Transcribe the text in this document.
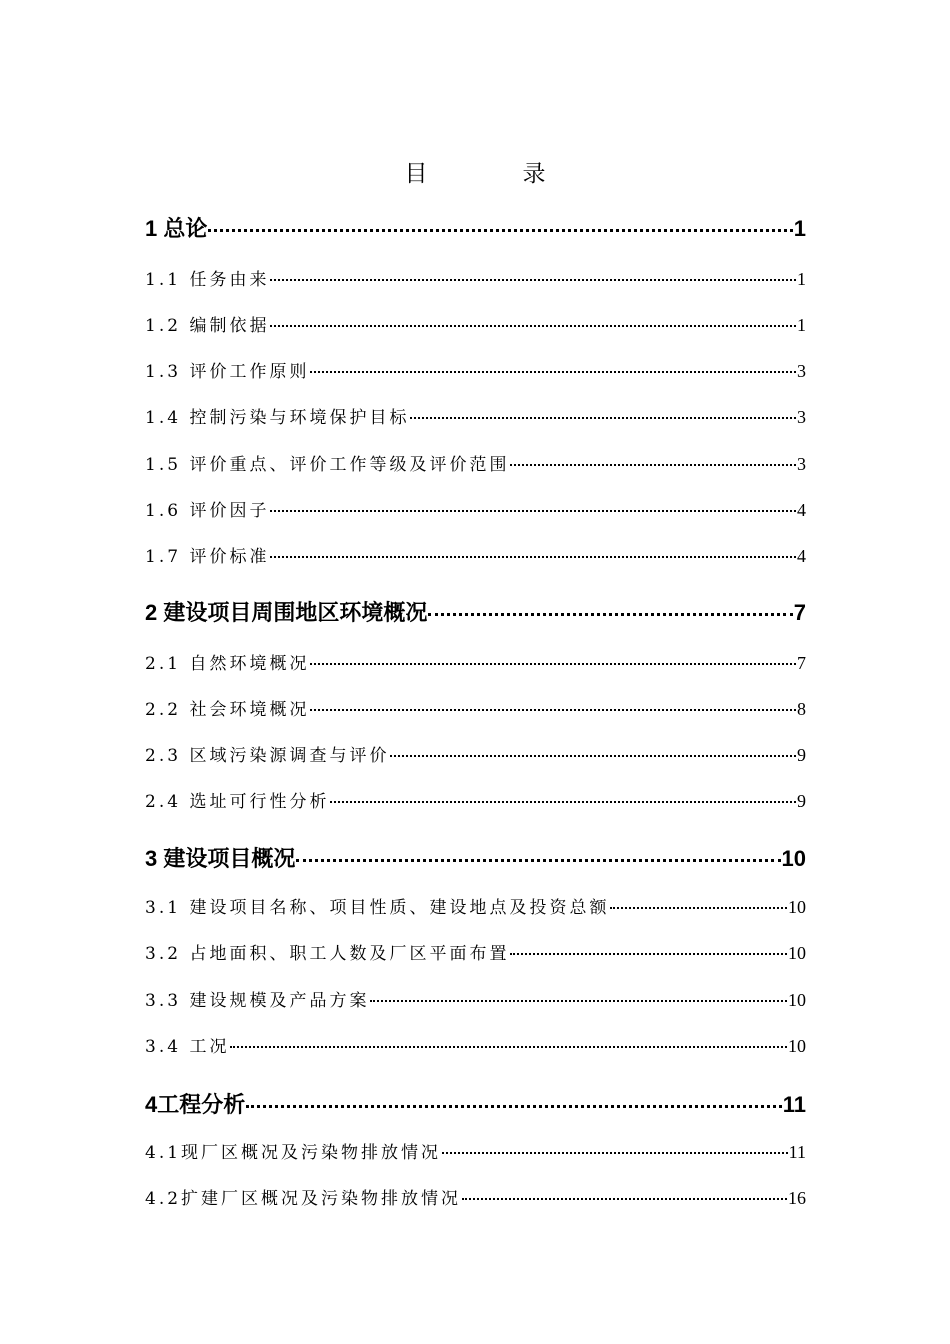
目　录
1 总论	1
1.1 任务由来	1
1.2 编制依据	1
1.3 评价工作原则	3
1.4 控制污染与环境保护目标	3
1.5 评价重点、评价工作等级及评价范围	3
1.6 评价因子	4
1.7 评价标准	4
2 建设项目周围地区环境概况	7
2.1 自然环境概况	7
2.2 社会环境概况	8
2.3 区域污染源调查与评价	9
2.4 选址可行性分析	9
3 建设项目概况	10
3.1 建设项目名称、项目性质、建设地点及投资总额	10
3.2 占地面积、职工人数及厂区平面布置	10
3.3 建设规模及产品方案	10
3.4 工况	10
4工程分析	11
4.1现厂区概况及污染物排放情况	11
4.2扩建厂区概况及污染物排放情况	16
